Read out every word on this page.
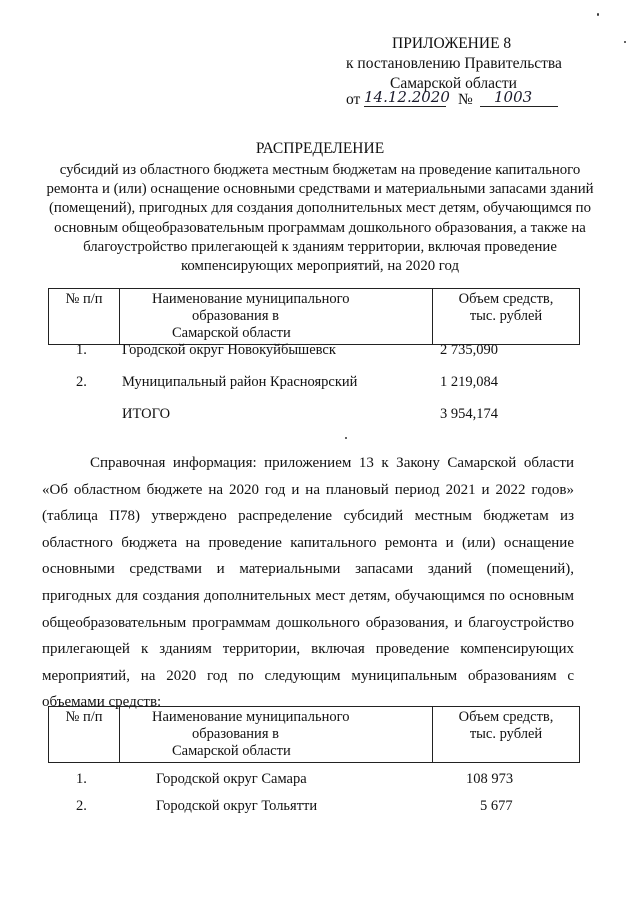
ПРИЛОЖЕНИЕ 8
к постановлению Правительства
Самарской области
от 14.12.2020 № 1003
РАСПРЕДЕЛЕНИЕ
субсидий из областного бюджета местным бюджетам на проведение капитального ремонта и (или) оснащение основными средствами и материальными запасами зданий (помещений), пригодных для создания дополнительных мест детям, обучающимся по основным общеобразовательным программам дошкольного образования, а также на благоустройство прилегающей к зданиям территории, включая проведение компенсирующих мероприятий, на 2020 год
№ п/п	Наименование муниципального
образования в
Самарской области

Объем средств,
тыс. рублей
1. Городской округ Новокуйбышевск	2 735,090
2. Муниципальный район Красноярский	1 219,084
ИТОГО	3 954,174
Справочная информация: приложением 13 к Закону Самарской области «Об областном бюджете на 2020 год и на плановый период 2021 и 2022 годов» (таблица П78) утверждено распределение субсидий местным бюджетам из областного бюджета на проведение капитального ремонта и (или) оснащение основными средствами и материальными запасами зданий (помещений), пригодных для создания дополнительных мест детям, обучающимся по основным общеобразовательным программам дошкольного образования, и благоустройство прилегающей к зданиям территории, включая проведение компенсирующих мероприятий, на 2020 год по следующим муниципальным образованиям с объемами средств:
№ п/п	Наименование муниципального
образования в
Самарской области

Объем средств,
тыс. рублей
1.	Городской округ Самара	108 973
2.	Городской округ Тольятти	5 677
